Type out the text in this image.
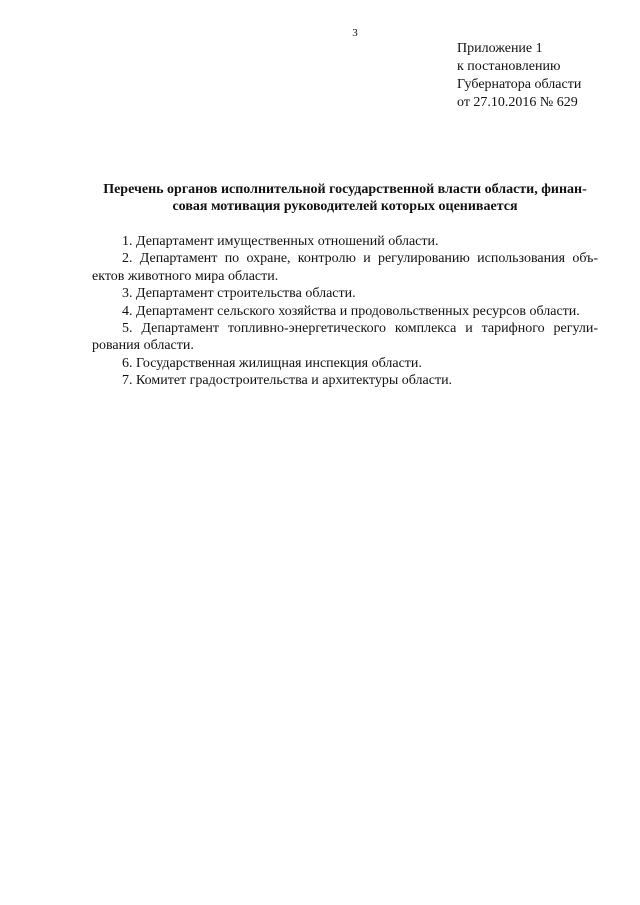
3
Приложение 1
к постановлению
Губернатора области
от 27.10.2016 № 629
Перечень органов исполнительной государственной власти области, финан-
совая мотивация руководителей которых оценивается
1. Департамент имущественных отношений области.
2. Департамент по охране, контролю и регулированию использования объ-
ектов животного мира области.
3. Департамент строительства области.
4. Департамент сельского хозяйства и продовольственных ресурсов области.
5. Департамент топливно-энергетического комплекса и тарифного регули-
рования области.
6. Государственная жилищная инспекция области.
7. Комитет градостроительства и архитектуры области.
